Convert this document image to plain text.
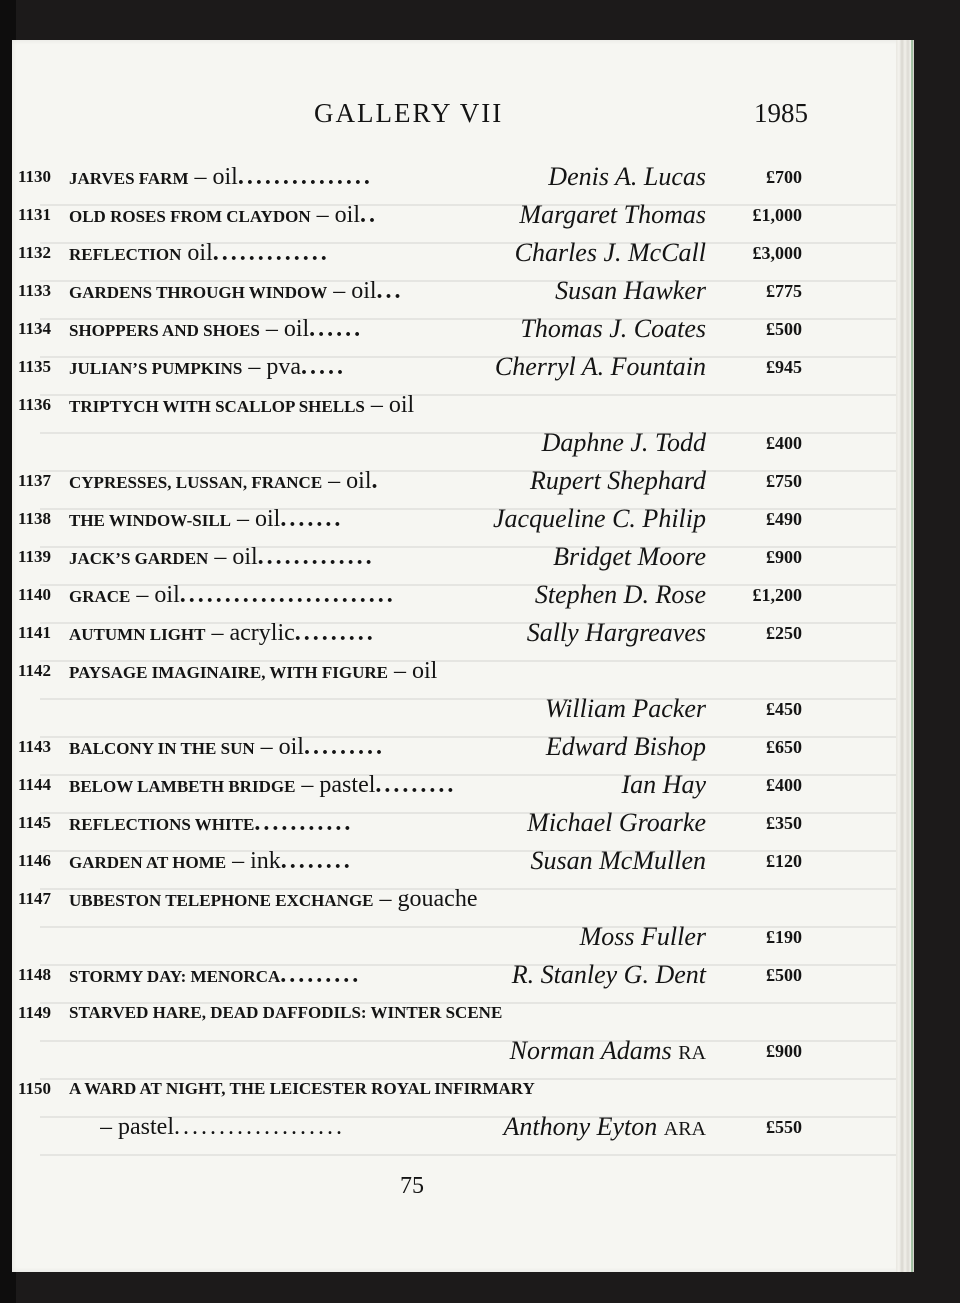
GALLERY VII	1985
1130 JARVES FARM – oil...............	Denis A. Lucas	£700
1131 OLD ROSES FROM CLAYDON – oil..	Margaret Thomas	£1,000
1132 REFLECTION oil.............	Charles J. McCall	£3,000
1133 GARDENS THROUGH WINDOW – oil...	Susan Hawker	£775
1134 SHOPPERS AND SHOES – oil......	Thomas J. Coates	£500
1135 JULIAN’S PUMPKINS – pva.....	Cherryl A. Fountain	£945
1136 TRIPTYCH WITH SCALLOP SHELLS – oil
Daphne J. Todd	£400
1137 CYPRESSES, LUSSAN, FRANCE – oil.	Rupert Shephard	£750
1138 THE WINDOW-SILL – oil.......	Jacqueline C. Philip	£490
1139 JACK’S GARDEN – oil.............	Bridget Moore	£900
1140 GRACE – oil........................	Stephen D. Rose	£1,200
1141 AUTUMN LIGHT – acrylic.........	Sally Hargreaves	£250
1142 PAYSAGE IMAGINAIRE, WITH FIGURE – oil
William Packer	£450
1143 BALCONY IN THE SUN – oil.........	Edward Bishop	£650
1144 BELOW LAMBETH BRIDGE – pastel.........	Ian Hay	£400
1145 REFLECTIONS WHITE...........	Michael Groarke	£350
1146 GARDEN AT HOME – ink........	Susan McMullen	£120
1147 UBBESTON TELEPHONE EXCHANGE – gouache
Moss Fuller	£190
1148 STORMY DAY: MENORCA.........	R. Stanley G. Dent	£500
1149 STARVED HARE, DEAD DAFFODILS: WINTER SCENE
Norman Adams RA	£900
1150 A WARD AT NIGHT, THE LEICESTER ROYAL INFIRMARY
– pastel...................	Anthony Eyton ARA	£550
75
